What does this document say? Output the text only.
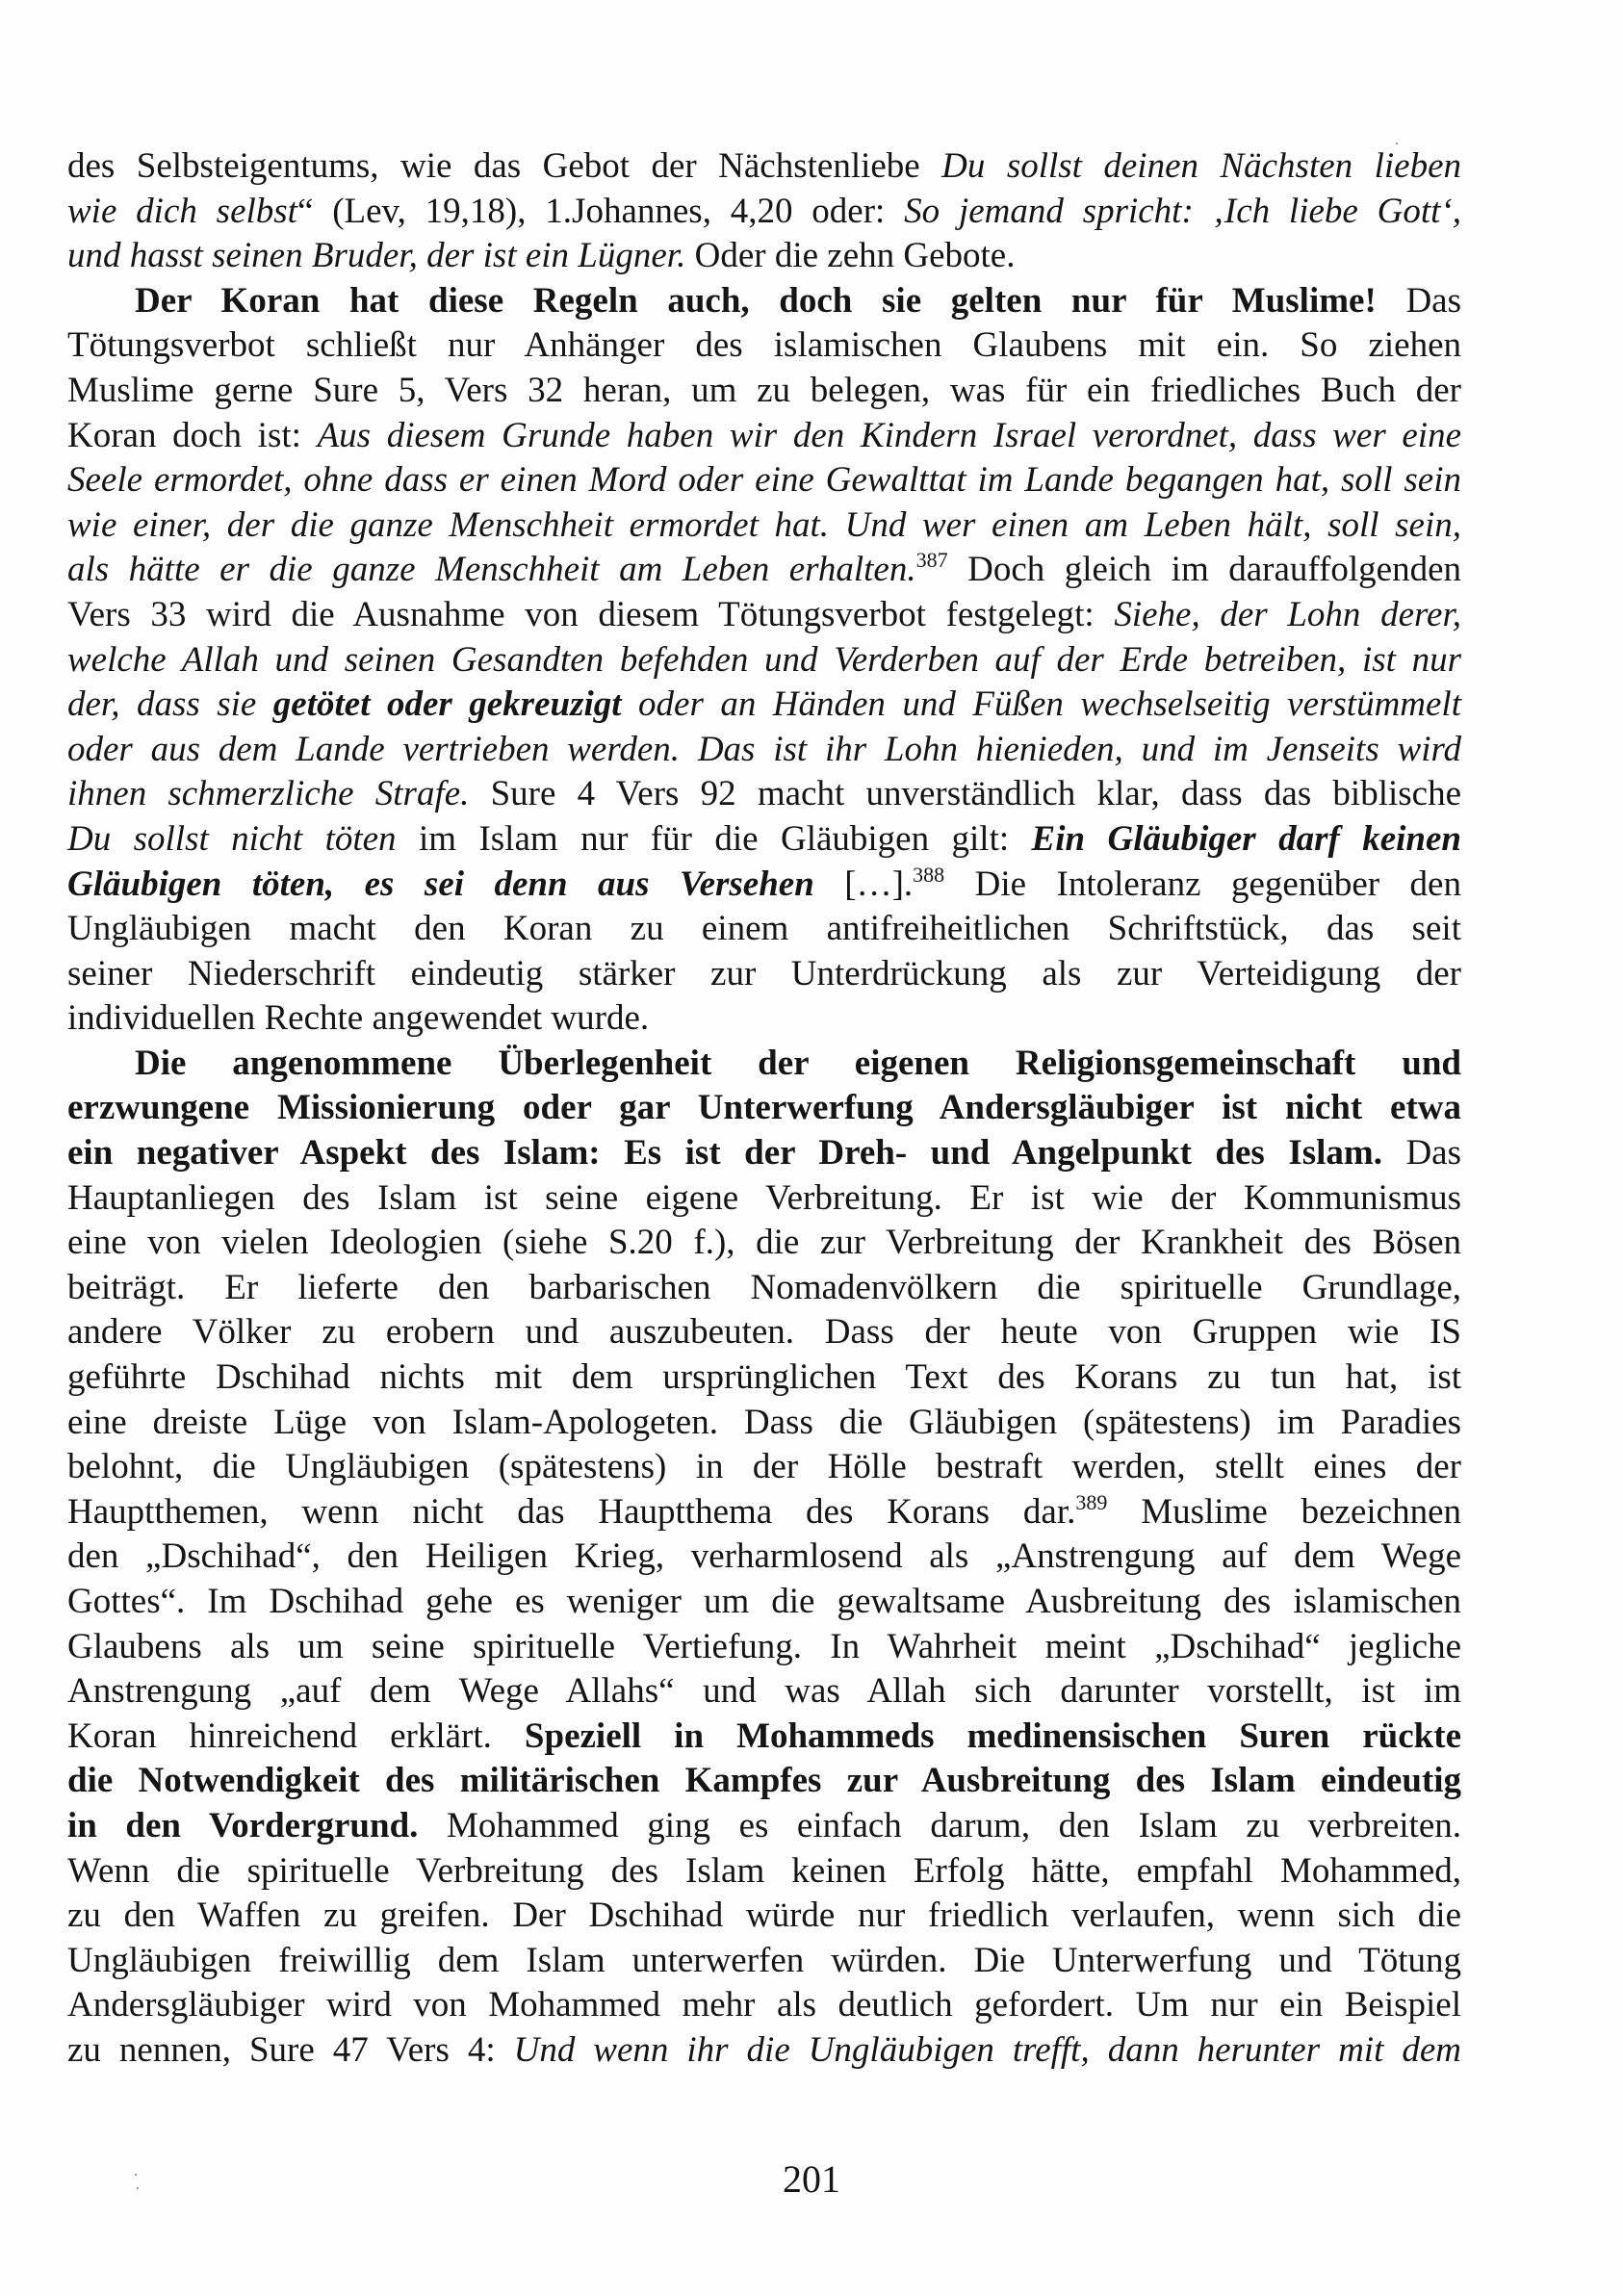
des Selbsteigentums, wie das Gebot der Nächstenliebe Du sollst deinen Nächsten lieben
wie dich selbst“ (Lev, 19,18), 1.Johannes, 4,20 oder: So jemand spricht: ‚Ich liebe Gott‘,
und hasst seinen Bruder, der ist ein Lügner. Oder die zehn Gebote.
Der Koran hat diese Regeln auch, doch sie gelten nur für Muslime! Das
Tötungsverbot schließt nur Anhänger des islamischen Glaubens mit ein. So ziehen
Muslime gerne Sure 5, Vers 32 heran, um zu belegen, was für ein friedliches Buch der
Koran doch ist: Aus diesem Grunde haben wir den Kindern Israel verordnet, dass wer eine
Seele ermordet, ohne dass er einen Mord oder eine Gewalttat im Lande begangen hat, soll sein
wie einer, der die ganze Menschheit ermordet hat. Und wer einen am Leben hält, soll sein,
als hätte er die ganze Menschheit am Leben erhalten.$^{387}$ Doch gleich im darauffolgenden
Vers 33 wird die Ausnahme von diesem Tötungsverbot festgelegt: Siehe, der Lohn derer,
welche Allah und seinen Gesandten befehden und Verderben auf der Erde betreiben, ist nur
der, dass sie getötet oder gekreuzigt oder an Händen und Füßen wechselseitig verstümmelt
oder aus dem Lande vertrieben werden. Das ist ihr Lohn hienieden, und im Jenseits wird
ihnen schmerzliche Strafe. Sure 4 Vers 92 macht unverständlich klar, dass das biblische
Du sollst nicht töten im Islam nur für die Gläubigen gilt: Ein Gläubiger darf keinen
Gläubigen töten, es sei denn aus Versehen […].$^{388}$ Die Intoleranz gegenüber den
Ungläubigen macht den Koran zu einem antifreiheitlichen Schriftstück, das seit
seiner Niederschrift eindeutig stärker zur Unterdrückung als zur Verteidigung der
individuellen Rechte angewendet wurde.
Die angenommene Überlegenheit der eigenen Religionsgemeinschaft und
erzwungene Missionierung oder gar Unterwerfung Andersgläubiger ist nicht etwa
ein negativer Aspekt des Islam: Es ist der Dreh- und Angelpunkt des Islam. Das
Hauptanliegen des Islam ist seine eigene Verbreitung. Er ist wie der Kommunismus
eine von vielen Ideologien (siehe S.20 f.), die zur Verbreitung der Krankheit des Bösen
beiträgt. Er lieferte den barbarischen Nomadenvölkern die spirituelle Grundlage,
andere Völker zu erobern und auszubeuten. Dass der heute von Gruppen wie IS
geführte Dschihad nichts mit dem ursprünglichen Text des Korans zu tun hat, ist
eine dreiste Lüge von Islam-Apologeten. Dass die Gläubigen (spätestens) im Paradies
belohnt, die Ungläubigen (spätestens) in der Hölle bestraft werden, stellt eines der
Hauptthemen, wenn nicht das Hauptthema des Korans dar.$^{389}$ Muslime bezeichnen
den „Dschihad“, den Heiligen Krieg, verharmlosend als „Anstrengung auf dem Wege
Gottes“. Im Dschihad gehe es weniger um die gewaltsame Ausbreitung des islamischen
Glaubens als um seine spirituelle Vertiefung. In Wahrheit meint „Dschihad“ jegliche
Anstrengung „auf dem Wege Allahs“ und was Allah sich darunter vorstellt, ist im
Koran hinreichend erklärt. Speziell in Mohammeds medinensischen Suren rückte
die Notwendigkeit des militärischen Kampfes zur Ausbreitung des Islam eindeutig
in den Vordergrund. Mohammed ging es einfach darum, den Islam zu verbreiten.
Wenn die spirituelle Verbreitung des Islam keinen Erfolg hätte, empfahl Mohammed,
zu den Waffen zu greifen. Der Dschihad würde nur friedlich verlaufen, wenn sich die
Ungläubigen freiwillig dem Islam unterwerfen würden. Die Unterwerfung und Tötung
Andersgläubiger wird von Mohammed mehr als deutlich gefordert. Um nur ein Beispiel
zu nennen, Sure 47 Vers 4: Und wenn ihr die Ungläubigen trefft, dann herunter mit dem
201
